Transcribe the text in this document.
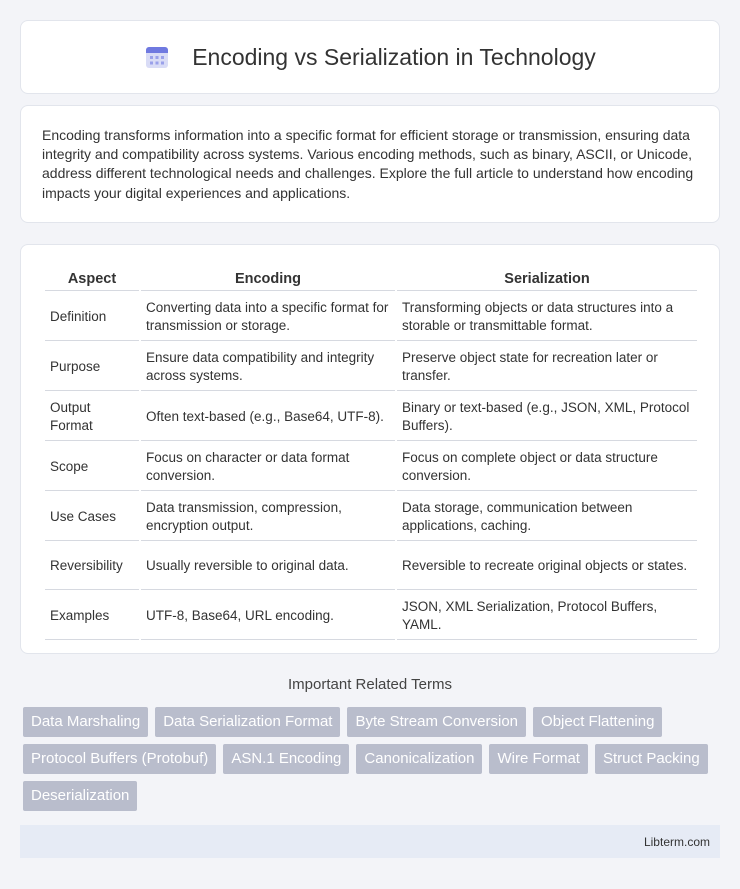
Encoding vs Serialization in Technology

Encoding transforms information into a specific format for efficient storage or transmission, ensuring data integrity and compatibility across systems. Various encoding methods, such as binary, ASCII, or Unicode, address different technological needs and challenges. Explore the full article to understand how encoding impacts your digital experiences and applications.

Aspect	Encoding	Serialization
Definition	Converting data into a specific format for transmission or storage.	Transforming objects or data structures into a storable or transmittable format.
Purpose	Ensure data compatibility and integrity across systems.	Preserve object state for recreation later or transfer.
Output Format	Often text-based (e.g., Base64, UTF-8).	Binary or text-based (e.g., JSON, XML, Protocol Buffers).
Scope	Focus on character or data format conversion.	Focus on complete object or data structure conversion.
Use Cases	Data transmission, compression, encryption output.	Data storage, communication between applications, caching.
Reversibility	Usually reversible to original data.	Reversible to recreate original objects or states.
Examples	UTF-8, Base64, URL encoding.	JSON, XML Serialization, Protocol Buffers, YAML.
Important Related Terms
Data Marshaling	Data Serialization Format	Byte Stream Conversion	Object Flattening
Protocol Buffers (Protobuf)	ASN.1 Encoding	Canonicalization	Wire Format	Struct Packing
Deserialization
Libterm.com
